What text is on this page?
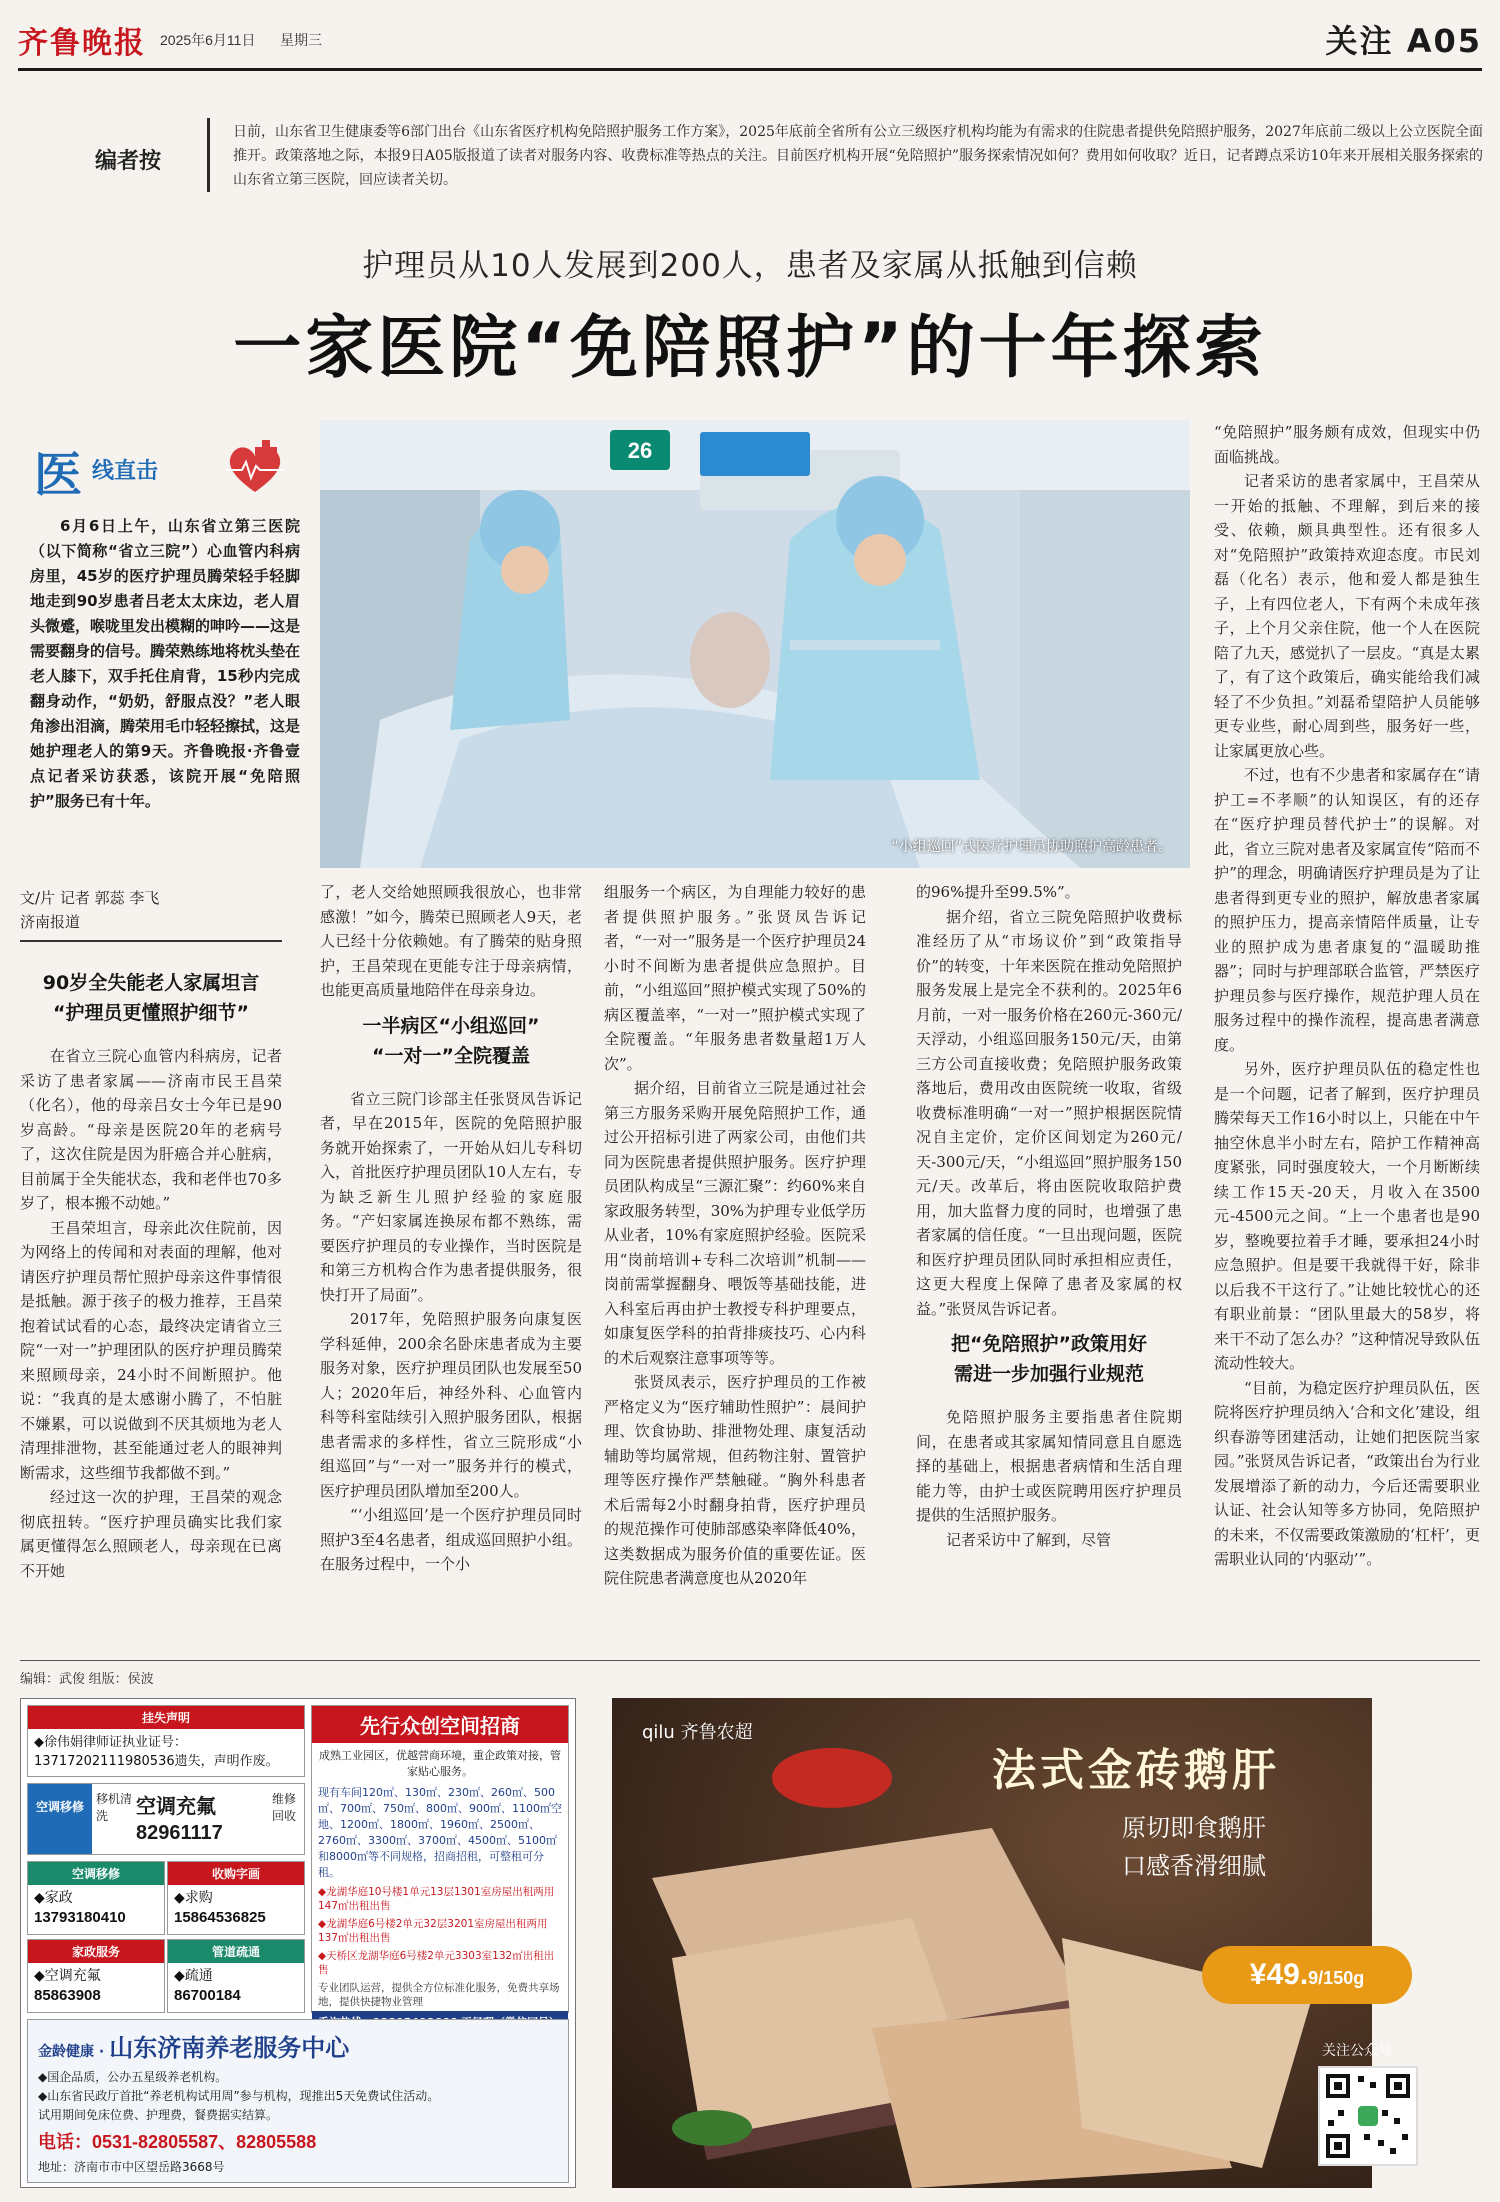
齐鲁晚报 2025年6月11日 星期三	关注 A05
编者按
日前，山东省卫生健康委等6部门出台《山东省医疗机构免陪照护服务工作方案》，2025年底前全省所有公立三级医疗机构均能为有需求的住院患者提供免陪照护服务，2027年底前二级以上公立医院全面推开。政策落地之际，本报9日A05版报道了读者对服务内容、收费标准等热点的关注。目前医疗机构开展“免陪照护”服务探索情况如何？费用如何收取？近日，记者蹲点采访10年来开展相关服务探索的山东省立第三医院，回应读者关切。
护理员从10人发展到200人，患者及家属从抵触到信赖
一家医院“免陪照护”的十年探索
医 线直击
26
“小组巡回”式医疗护理员协助照护高龄患者。

6月6日上午，山东省立第三医院（以下简称“省立三院”）心血管内科病房里，45岁的医疗护理员腾荣轻手轻脚地走到90岁患者吕老太太床边，老人眉头微蹙，喉咙里发出模糊的呻吟——这是需要翻身的信号。腾荣熟练地将枕头垫在老人膝下，双手托住肩背，15秒内完成翻身动作，“奶奶，舒服点没？”老人眼角渗出泪滴，腾荣用毛巾轻轻擦拭，这是她护理老人的第9天。齐鲁晚报·齐鲁壹点记者采访获悉，该院开展“免陪照护”服务已有十年。

文/片 记者 郭蕊 李飞
济南报道
90岁全失能老人家属坦言
“护理员更懂照护细节”

在省立三院心血管内科病房，记者采访了患者家属——济南市民王昌荣（化名），他的母亲吕女士今年已是90岁高龄。“母亲是医院20年的老病号了，这次住院是因为肝癌合并心脏病，目前属于全失能状态，我和老伴也70多岁了，根本搬不动她。”

王昌荣坦言，母亲此次住院前，因为网络上的传闻和对表面的理解，他对请医疗护理员帮忙照护母亲这件事情很是抵触。源于孩子的极力推荐，王昌荣抱着试试看的心态，最终决定请省立三院“一对一”护理团队的医疗护理员腾荣来照顾母亲，24小时不间断照护。他说：“我真的是太感谢小腾了，不怕脏不嫌累，可以说做到不厌其烦地为老人清理排泄物，甚至能通过老人的眼神判断需求，这些细节我都做不到。”

经过这一次的护理，王昌荣的观念彻底扭转。“医疗护理员确实比我们家属更懂得怎么照顾老人，母亲现在已离不开她

了，老人交给她照顾我很放心，也非常感激！”如今，腾荣已照顾老人9天，老人已经十分依赖她。有了腾荣的贴身照护，王昌荣现在更能专注于母亲病情，也能更高质量地陪伴在母亲身边。

一半病区“小组巡回”
“一对一”全院覆盖

省立三院门诊部主任张贤凤告诉记者，早在2015年，医院的免陪照护服务就开始探索了，一开始从妇儿专科切入，首批医疗护理员团队10人左右，专为缺乏新生儿照护经验的家庭服务。“产妇家属连换尿布都不熟练，需要医疗护理员的专业操作，当时医院是和第三方机构合作为患者提供服务，很快打开了局面”。

2017年，免陪照护服务向康复医学科延伸，200余名卧床患者成为主要服务对象，医疗护理员团队也发展至50人；2020年后，神经外科、心血管内科等科室陆续引入照护服务团队，根据患者需求的多样性，省立三院形成“小组巡回”与“一对一”服务并行的模式，医疗护理员团队增加至200人。

“‘小组巡回’是一个医疗护理员同时照护3至4名患者，组成巡回照护小组。在服务过程中，一个小

组服务一个病区，为自理能力较好的患者提供照护服务。”张贤凤告诉记者，“一对一”服务是一个医疗护理员24小时不间断为患者提供应急照护。目前，“小组巡回”照护模式实现了50%的病区覆盖率，“一对一”照护模式实现了全院覆盖。“年服务患者数量超1万人次”。

据介绍，目前省立三院是通过社会第三方服务采购开展免陪照护工作，通过公开招标引进了两家公司，由他们共同为医院患者提供照护服务。医疗护理员团队构成呈“三源汇聚”：约60%来自家政服务转型，30%为护理专业低学历从业者，10%有家庭照护经验。医院采用“岗前培训+专科二次培训”机制——岗前需掌握翻身、喂饭等基础技能，进入科室后再由护士教授专科护理要点，如康复医学科的拍背排痰技巧、心内科的术后观察注意事项等等。

张贤凤表示，医疗护理员的工作被严格定义为“医疗辅助性照护”：晨间护理、饮食协助、排泄物处理、康复活动辅助等均属常规，但药物注射、置管护理等医疗操作严禁触碰。“胸外科患者术后需每2小时翻身拍背，医疗护理员的规范操作可使肺部感染率降低40%，这类数据成为服务价值的重要佐证。医院住院患者满意度也从2020年

的96%提升至99.5%”。

据介绍，省立三院免陪照护收费标准经历了从“市场议价”到“政策指导价”的转变，十年来医院在推动免陪照护服务发展上是完全不获利的。2025年6月前，一对一服务价格在260元-360元/天浮动，小组巡回服务150元/天，由第三方公司直接收费；免陪照护服务政策落地后，费用改由医院统一收取，省级收费标准明确“一对一”照护根据医院情况自主定价，定价区间划定为260元/天-300元/天，“小组巡回”照护服务150元/天。改革后，将由医院收取陪护费用，加大监督力度的同时，也增强了患者家属的信任度。“一旦出现问题，医院和医疗护理员团队同时承担相应责任，这更大程度上保障了患者及家属的权益。”张贤凤告诉记者。

把“免陪照护”政策用好
需进一步加强行业规范

免陪照护服务主要指患者住院期间，在患者或其家属知情同意且自愿选择的基础上，根据患者病情和生活自理能力等，由护士或医院聘用医疗护理员提供的生活照护服务。

记者采访中了解到，尽管

“免陪照护”服务颇有成效，但现实中仍面临挑战。

记者采访的患者家属中，王昌荣从一开始的抵触、不理解，到后来的接受、依赖，颇具典型性。还有很多人对“免陪照护”政策持欢迎态度。市民刘磊（化名）表示，他和爱人都是独生子，上有四位老人，下有两个未成年孩子，上个月父亲住院，他一个人在医院陪了九天，感觉扒了一层皮。“真是太累了，有了这个政策后，确实能给我们减轻了不少负担。”刘磊希望陪护人员能够更专业些，耐心周到些，服务好一些，让家属更放心些。

不过，也有不少患者和家属存在“请护工=不孝顺”的认知误区，有的还存在“医疗护理员替代护士”的误解。对此，省立三院对患者及家属宣传“陪而不护”的理念，明确请医疗护理员是为了让患者得到更专业的照护，解放患者家属的照护压力，提高亲情陪伴质量，让专业的照护成为患者康复的“温暖助推器”；同时与护理部联合监管，严禁医疗护理员参与医疗操作，规范护理人员在服务过程中的操作流程，提高患者满意度。

另外，医疗护理员队伍的稳定性也是一个问题，记者了解到，医疗护理员腾荣每天工作16小时以上，只能在中午抽空休息半小时左右，陪护工作精神高度紧张，同时强度较大，一个月断断续续工作15天-20天，月收入在3500元-4500元之间。“上一个患者也是90岁，整晚要拉着手才睡，要承担24小时应急照护。但是要干我就得干好，除非以后我不干这行了。”让她比较忧心的还有职业前景：“团队里最大的58岁，将来干不动了怎么办？”这种情况导致队伍流动性较大。

“目前，为稳定医疗护理员队伍，医院将医疗护理员纳入‘合和文化’建设，组织春游等团建活动，让她们把医院当家园。”张贤凤告诉记者，“政策出台为行业发展增添了新的动力，今后还需要职业认证、社会认知等多方协同，免陪照护的未来，不仅需要政策激励的‘杠杆’，更需职业认同的‘内驱动’”。

编辑：武俊 组版：侯波
挂失声明
◆徐伟娟律师证执业证号：13717202111980536遗失，声明作废。
空调移修
移机清洗	空调充氟
82961117
维修回收
空调移修
◆家政
13793180410
收购字画
◆求购
15864536825
家政服务
◆空调充氟
85863908
管道疏通
◆疏通
86700184
先行众创空间招商
成熟工业园区，优越营商环境，重企政策对接，管家贴心服务。
现有车间120㎡、130㎡、230㎡、260㎡、500㎡、700㎡、750㎡、800㎡、900㎡、1100㎡空地、1200㎡、1800㎡、1960㎡、2500㎡、2760㎡、3300㎡、3700㎡、4500㎡、5100㎡和8000㎡等不同规格，招商招租，可整租可分租。
◆龙湖华庭10号楼1单元13层1301室房屋出租两用147㎡出租出售
◆龙湖华庭6号楼2单元32层3201室房屋出租两用137㎡出租出售
◆天桥区龙湖华庭6号楼2单元3303室132㎡出租出售
专业团队运营，提供全方位标准化服务，免费共享场地，提供快捷物业管理
金龄健康 · 山东济南养老服务中心
◆国企品质，公办五星级养老机构。
◆山东省民政厅首批“养老机构试用周”参与机构，现推出5天免费试住活动。
试用期间免床位费、护理费，餐费据实结算。
电话：0531-82805587、82805588
地址：济南市市中区望岳路3668号
qilu 齐鲁农超
法式金砖鹅肝
原切即食鹅肝
口感香滑细腻
¥49.9/150g
关注公众号
